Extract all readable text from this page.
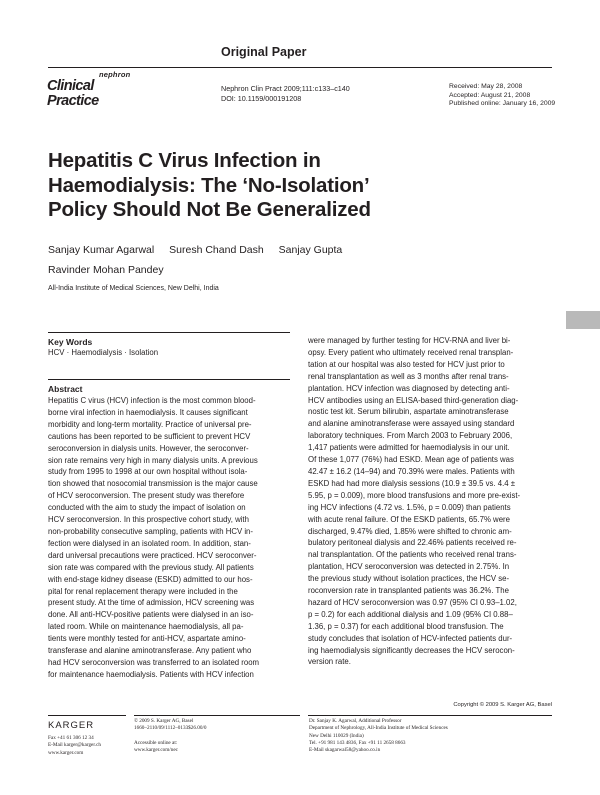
Original Paper
nephron
Clinical
Practice
Nephron Clin Pract 2009;111:c133–c140
DOI: 10.1159/000191208
Received: May 28, 2008
Accepted: August 21, 2008
Published online: January 16, 2009
Hepatitis C Virus Infection in
Haemodialysis: The ‘No-Isolation’
Policy Should Not Be Generalized
Sanjay Kumar Agarwal Suresh Chand Dash Sanjay Gupta
Ravinder Mohan Pandey
All-India Institute of Medical Sciences, New Delhi, India
Key Words
HCV · Haemodialysis · Isolation
Abstract
Hepatitis C virus (HCV) infection is the most common blood-
borne viral infection in haemodialysis. It causes significant
morbidity and long-term mortality. Practice of universal pre-
cautions has been reported to be sufficient to prevent HCV
seroconversion in dialysis units. However, the seroconver-
sion rate remains very high in many dialysis units. A previous
study from 1995 to 1998 at our own hospital without isola-
tion showed that nosocomial transmission is the major cause
of HCV seroconversion. The present study was therefore
conducted with the aim to study the impact of isolation on
HCV seroconversion. In this prospective cohort study, with
non-probability consecutive sampling, patients with HCV in-
fection were dialysed in an isolated room. In addition, stan-
dard universal precautions were practiced. HCV seroconver-
sion rate was compared with the previous study. All patients
with end-stage kidney disease (ESKD) admitted to our hos-
pital for renal replacement therapy were included in the
present study. At the time of admission, HCV screening was
done. All anti-HCV-positive patients were dialysed in an iso-
lated room. While on maintenance haemodialysis, all pa-
tients were monthly tested for anti-HCV, aspartate amino-
transferase and alanine aminotransferase. Any patient who
had HCV seroconversion was transferred to an isolated room
for maintenance haemodialysis. Patients with HCV infection
were managed by further testing for HCV-RNA and liver bi-
opsy. Every patient who ultimately received renal transplan-
tation at our hospital was also tested for HCV just prior to
renal transplantation as well as 3 months after renal trans-
plantation. HCV infection was diagnosed by detecting anti-
HCV antibodies using an ELISA-based third-generation diag-
nostic test kit. Serum bilirubin, aspartate aminotransferase
and alanine aminotransferase were assayed using standard
laboratory techniques. From March 2003 to February 2006,
1,417 patients were admitted for haemodialysis in our unit.
Of these 1,077 (76%) had ESKD. Mean age of patients was
42.47 ± 16.2 (14–94) and 70.39% were males. Patients with
ESKD had had more dialysis sessions (10.9 ± 39.5 vs. 4.4 ±
5.95, p = 0.009), more blood transfusions and more pre-exist-
ing HCV infections (4.72 vs. 1.5%, p = 0.009) than patients
with acute renal failure. Of the ESKD patients, 65.7% were
discharged, 9.47% died, 1.85% were shifted to chronic am-
bulatory peritoneal dialysis and 22.46% patients received re-
nal transplantation. Of the patients who received renal trans-
plantation, HCV seroconversion was detected in 2.75%. In
the previous study without isolation practices, the HCV se-
roconversion rate in transplanted patients was 36.2%. The
hazard of HCV seroconversion was 0.97 (95% CI 0.93–1.02,
p = 0.2) for each additional dialysis and 1.09 (95% CI 0.88–
1.36, p = 0.37) for each additional blood transfusion. The
study concludes that isolation of HCV-infected patients dur-
ing haemodialysis significantly decreases the HCV serocon-
version rate.
Copyright © 2009 S. Karger AG, Basel
KARGER
Fax +41 61 306 12 34
E-Mail karger@karger.ch
www.karger.com
© 2009 S. Karger AG, Basel
1660–2110/09/1112–0133$26.00/0

Accessible online at:
www.karger.com/nec
Dr. Sanjay K. Agarwal, Additional Professor
Department of Nephrology, All-India Institute of Medical Sciences
New Delhi 110029 (India)
Tel. +91 981 143 4836, Fax +91 11 2658 8663
E-Mail skagarwal58@yahoo.co.in
